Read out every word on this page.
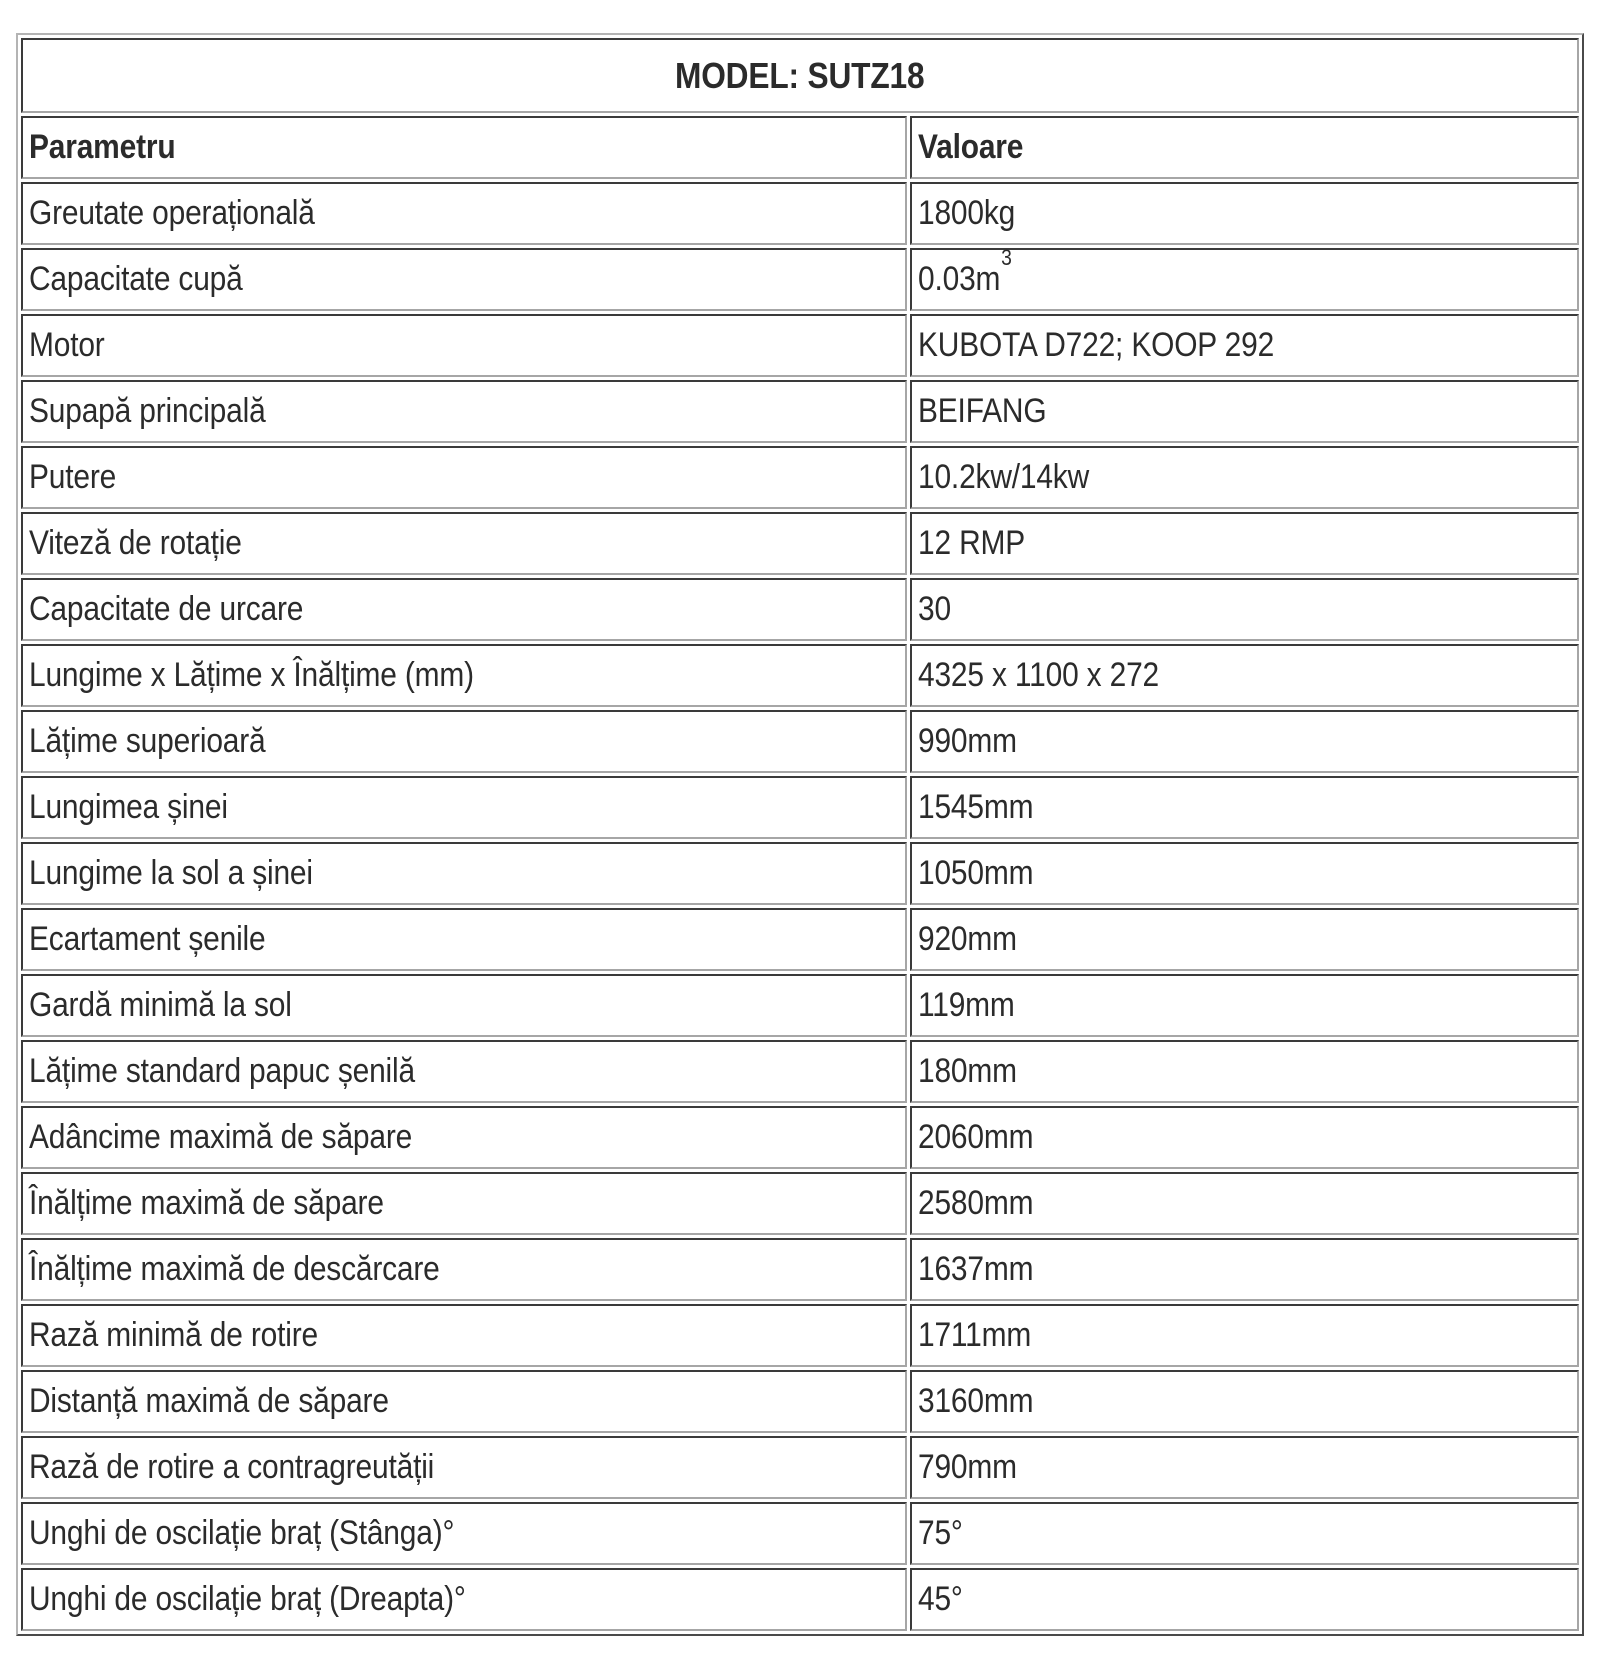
MODEL: SUTZ18	
Parametru	Valoare
Greutate operațională	1800kg
Capacitate cupă	$0.03m^3$
Motor	KUBOTA D722; KOOP 292
Supapă principală	BEIFANG
Putere	10.2kw/14kw
Viteză de rotație	12 RMP
Capacitate de urcare	30
Lungime x Lățime x Înălțime (mm)	4325 x 1100 x 272
Lățime superioară	990mm
Lungimea șinei	1545mm
Lungime la sol a șinei	1050mm
Ecartament șenile	920mm
Gardă minimă la sol	119mm
Lățime standard papuc șenilă	180mm
Adâncime maximă de săpare	2060mm
Înălțime maximă de săpare	2580mm
Înălțime maximă de descărcare	1637mm
Rază minimă de rotire	1711mm
Distanță maximă de săpare	3160mm
Rază de rotire a contragreutății	790mm
Unghi de oscilație braț (Stânga)°	75°
Unghi de oscilație braț (Dreapta)°	45°
